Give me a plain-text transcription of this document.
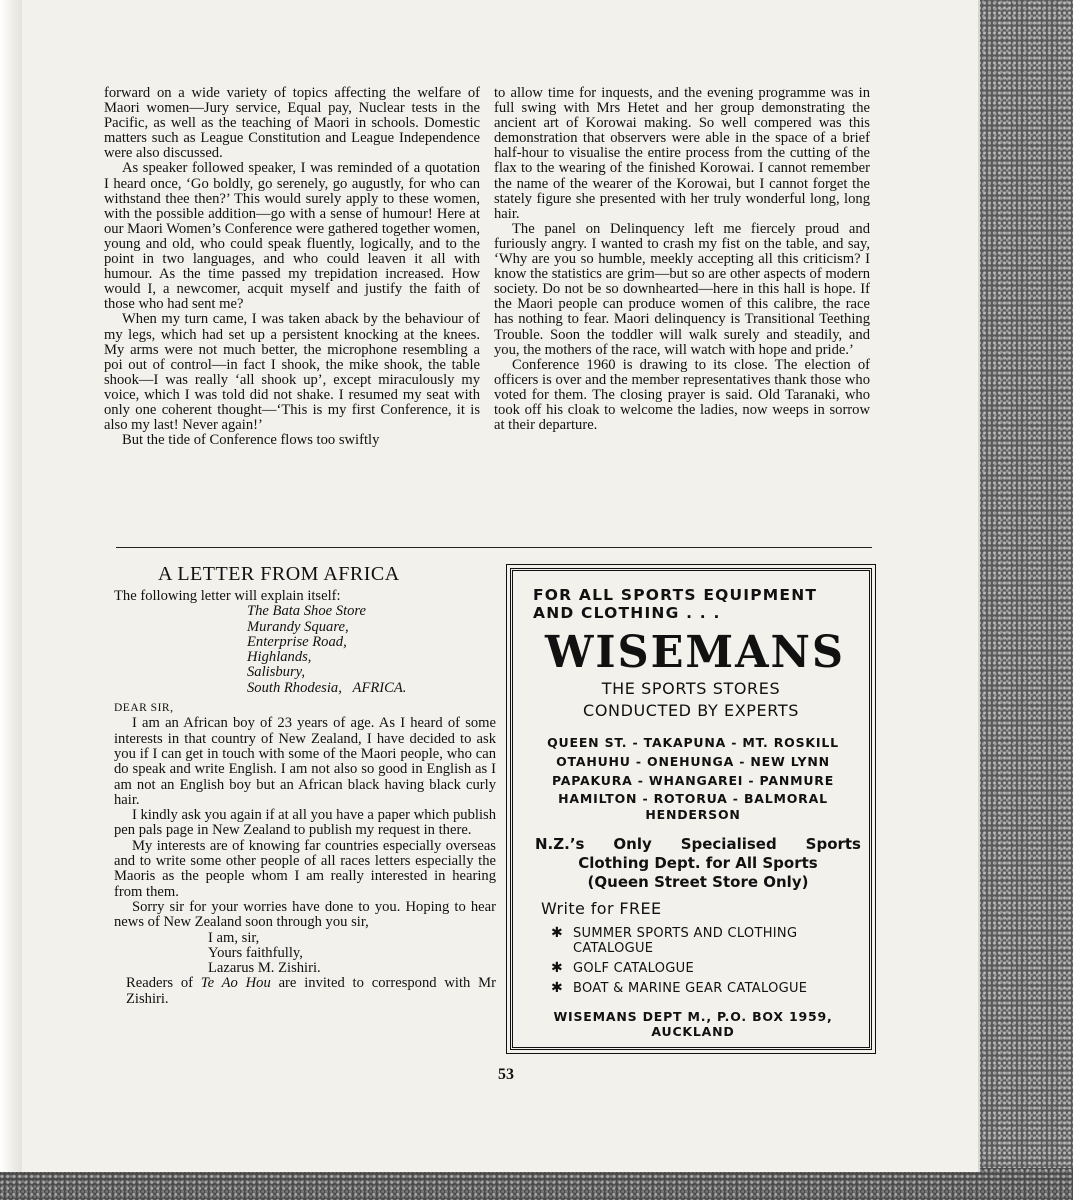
forward on a wide variety of topics affecting the welfare of Maori women—Jury service, Equal pay, Nuclear tests in the Pacific, as well as the teaching of Maori in schools. Domestic matters such as League Constitution and League Independence were also discussed.

As speaker followed speaker, I was reminded of a quotation I heard once, ‘Go boldly, go serenely, go augustly, for who can withstand thee then?’ This would surely apply to these women, with the possible addition—go with a sense of humour! Here at our Maori Women’s Conference were gathered together women, young and old, who could speak fluently, logically, and to the point in two languages, and who could leaven it all with humour. As the time passed my trepidation increased. How would I, a newcomer, acquit myself and justify the faith of those who had sent me?

When my turn came, I was taken aback by the behaviour of my legs, which had set up a persistent knocking at the knees. My arms were not much better, the microphone resembling a poi out of control—in fact I shook, the mike shook, the table shook—I was really ‘all shook up’, except miraculously my voice, which I was told did not shake. I resumed my seat with only one coherent thought—‘This is my first Conference, it is also my last! Never again!’

But the tide of Conference flows too swiftly

to allow time for inquests, and the evening programme was in full swing with Mrs Hetet and her group demonstrating the ancient art of Korowai making. So well compered was this demonstration that observers were able in the space of a brief half-hour to visualise the entire process from the cutting of the flax to the wearing of the finished Korowai. I cannot remember the name of the wearer of the Korowai, but I cannot forget the stately figure she presented with her truly wonderful long, long hair.

The panel on Delinquency left me fiercely proud and furiously angry. I wanted to crash my fist on the table, and say, ‘Why are you so humble, meekly accepting all this criticism? I know the statistics are grim—but so are other aspects of modern society. Do not be so downhearted—here in this hall is hope. If the Maori people can produce women of this calibre, the race has nothing to fear. Maori delinquency is Transitional Teething Trouble. Soon the toddler will walk surely and steadily, and you, the mothers of the race, will watch with hope and pride.’

Conference 1960 is drawing to its close. The election of officers is over and the member representatives thank those who voted for them. The closing prayer is said. Old Taranaki, who took off his cloak to welcome the ladies, now weeps in sorrow at their departure.

A LETTER FROM AFRICA
The following letter will explain itself:
The Bata Shoe Store
Murandy Square,
Enterprise Road,
Highlands,
Salisbury,
South Rhodesia,   AFRICA.
DEAR SIR,

I am an African boy of 23 years of age. As I heard of some interests in that country of New Zealand, I have decided to ask you if I can get in touch with some of the Maori people, who can do speak and write English. I am not also so good in English as I am not an English boy but an African black having black curly hair.

I kindly ask you again if at all you have a paper which publish pen pals page in New Zealand to publish my request in there.

My interests are of knowing far countries especially overseas and to write some other people of all races letters especially the Maoris as the people whom I am really interested in hearing from them.

Sorry sir for your worries have done to you. Hoping to hear news of New Zealand soon through you sir,

I am, sir,
Yours faithfully,
Lazarus M. Zishiri.

Readers of Te Ao Hou are invited to correspond with Mr Zishiri.

FOR ALL SPORTS EQUIPMENT AND CLOTHING . . .
WISEMANS
THE SPORTS STORES
CONDUCTED BY EXPERTS
QUEEN ST. - TAKAPUNA - MT. ROSKILL
OTAHUHU - ONEHUNGA - NEW LYNN
PAPAKURA - WHANGAREI - PANMURE
HAMILTON - ROTORUA - BALMORAL
HENDERSON
N.Z.’s Only Specialised Sports
Clothing Dept. for All Sports
(Queen Street Store Only)
Write for FREE
✱ SUMMER SPORTS AND CLOTHING CATALOGUE
✱ GOLF CATALOGUE
✱ BOAT & MARINE GEAR CATALOGUE
WISEMANS DEPT M., P.O. BOX 1959,
AUCKLAND
53
